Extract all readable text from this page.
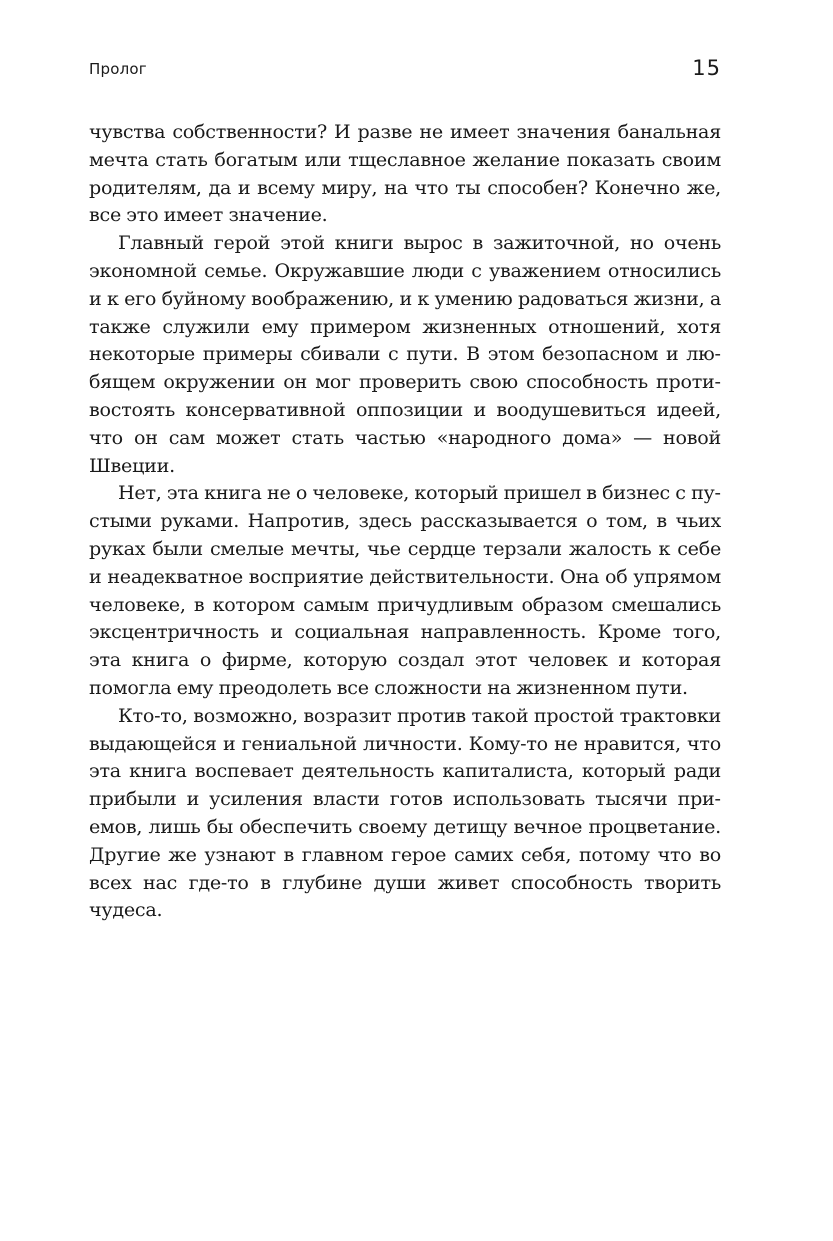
Пролог	15

чувства собственности? И разве не имеет значения банальная мечта стать богатым или тщеславное желание показать своим родителям, да и всему миру, на что ты способен? Конечно же, все это имеет значение.

Главный герой этой книги вырос в зажиточной, но очень экономной семье. Окружавшие люди с уважением относились и к его буйному воображению, и к умению радоваться жизни, а также служили ему примером жизненных отношений, хотя некоторые примеры сбивали с пути. В этом безопасном и любящем окружении он мог проверить свою способность противостоять консервативной оппозиции и воодушевиться идеей, что он сам может стать частью «народного дома» — новой Швеции.

Нет, эта книга не о человеке, который пришел в бизнес с пустыми руками. Напротив, здесь рассказывается о том, в чьих руках были смелые мечты, чье сердце терзали жалость к себе и неадекватное восприятие действительности. Она об упрямом человеке, в котором самым причудливым образом смешались эксцентричность и социальная направленность. Кроме того, эта книга о фирме, которую создал этот человек и которая помогла ему преодолеть все сложности на жизненном пути.

Кто-то, возможно, возразит против такой простой трактовки выдающейся и гениальной личности. Кому-то не нравится, что эта книга воспевает деятельность капиталиста, который ради прибыли и усиления власти готов использовать тысячи приемов, лишь бы обеспечить своему детищу вечное процветание. Другие же узнают в главном герое самих себя, потому что во всех нас где-то в глубине души живет способность творить чудеса.
